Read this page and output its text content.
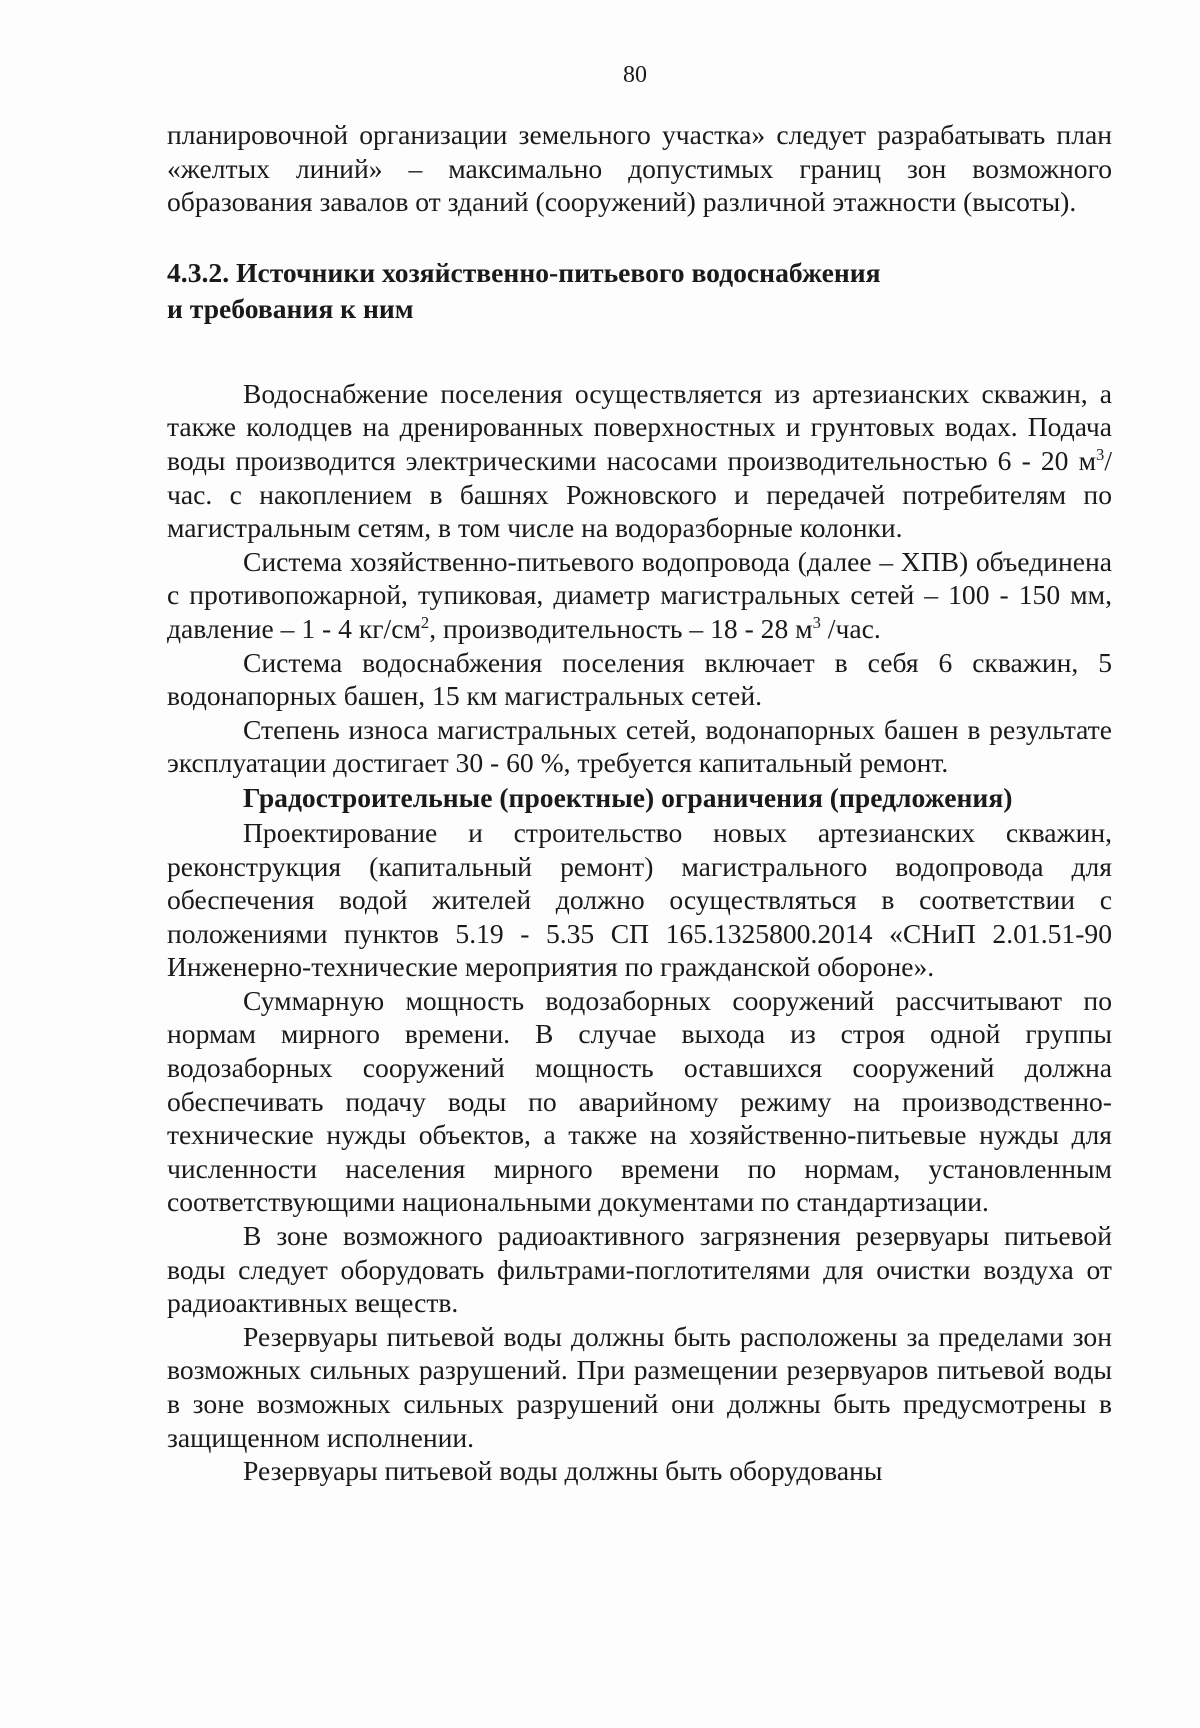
80

планировочной организации земельного участка» следует разрабатывать план «желтых линий» – максимально допустимых границ зон возможного образования завалов от зданий (сооружений) различной этажности (высоты).

4.3.2. Источники хозяйственно-питьевого водоснабжения

и требования к ним

Водоснабжение поселения осуществляется из артезианских скважин, а также колодцев на дренированных поверхностных и грунтовых водах. Подача воды производится электрическими насосами производительностью 6 - 20 $м^3$/час. с накоплением в башнях Рожновского и передачей потребителям по магистральным сетям, в том числе на водоразборные колонки.

Система хозяйственно-питьевого водопровода (далее – ХПВ) объединена с противопожарной, тупиковая, диаметр магистральных сетей – 100 - 150 мм, давление – 1 - 4 $кг/см^2$, производительность – 18 - 28 $м^3$ /час.

Система водоснабжения поселения включает в себя 6 скважин, 5 водонапорных башен, 15 км магистральных сетей.

Степень износа магистральных сетей, водонапорных башен в результате эксплуатации достигает 30 - 60 %, требуется капитальный ремонт.

Градостроительные (проектные) ограничения (предложения)

Проектирование и строительство новых артезианских скважин, реконструкция (капитальный ремонт) магистрального водопровода для обеспечения водой жителей должно осуществляться в соответствии с положениями пунктов 5.19 - 5.35 СП 165.1325800.2014 «СНиП 2.01.51-90 Инженерно-технические мероприятия по гражданской обороне».

Суммарную мощность водозаборных сооружений рассчитывают по нормам мирного времени. В случае выхода из строя одной группы водозаборных сооружений мощность оставшихся сооружений должна обеспечивать подачу воды по аварийному режиму на производственно-технические нужды объектов, а также на хозяйственно-питьевые нужды для численности населения мирного времени по нормам, установленным соответствующими национальными документами по стандартизации.

В зоне возможного радиоактивного загрязнения резервуары питьевой воды следует оборудовать фильтрами-поглотителями для очистки воздуха от радиоактивных веществ.

Резервуары питьевой воды должны быть расположены за пределами зон возможных сильных разрушений. При размещении резервуаров питьевой воды в зоне возможных сильных разрушений они должны быть предусмотрены в защищенном исполнении.

Резервуары питьевой воды должны быть оборудованы
